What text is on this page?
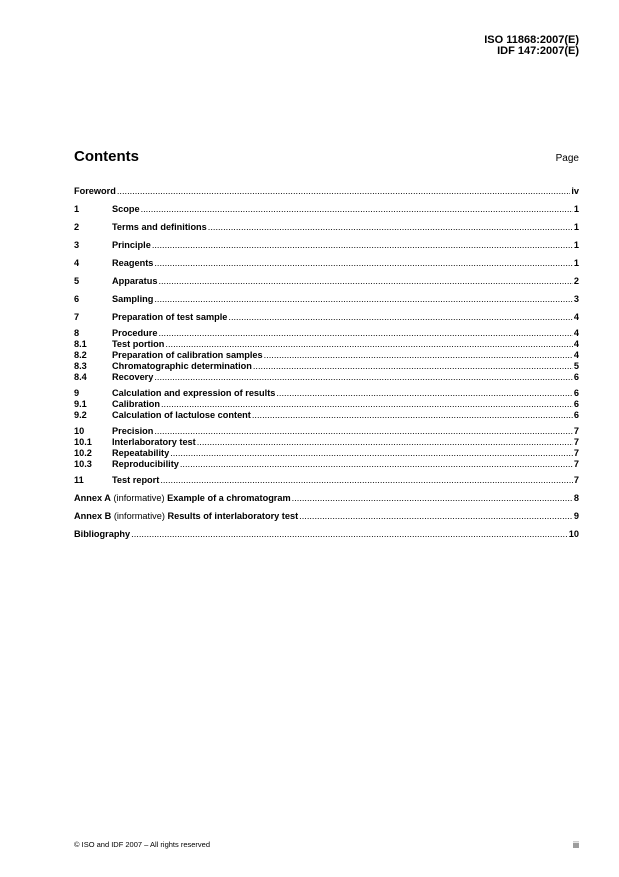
ISO 11868:2007(E)
IDF 147:2007(E)
Contents	Page
Foreword .....	iv
1	Scope .....	1
2	Terms and definitions .....	1
3	Principle .....	1
4	Reagents .....	1
5	Apparatus .....	2
6	Sampling .....	3
7	Preparation of test sample .....	4
8	Procedure .....	4
8.1	Test portion .....	4
8.2	Preparation of calibration samples .....	4
8.3	Chromatographic determination .....	5
8.4	Recovery .....	6
9	Calculation and expression of results .....	6
9.1	Calibration .....	6
9.2	Calculation of lactulose content .....	6
10	Precision .....	7
10.1	Interlaboratory test .....	7
10.2	Repeatability .....	7
10.3	Reproducibility .....	7
11	Test report .....	7
Annex A (informative) Example of a chromatogram .....	8
Annex B (informative) Results of interlaboratory test .....	9
Bibliography .....	10
© ISO and IDF 2007 – All rights reserved	iii
